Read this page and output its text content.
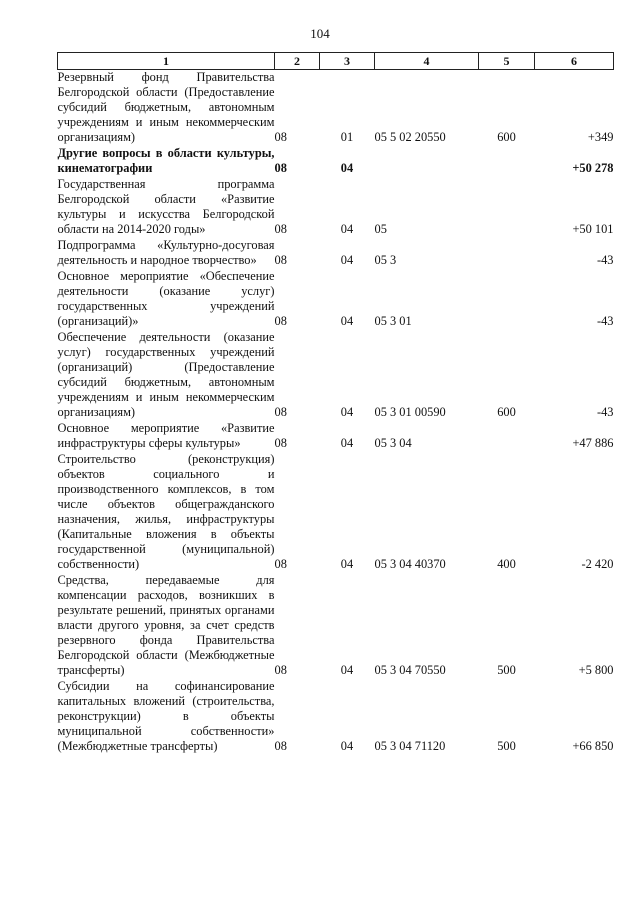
104
1	2	3	4	5	6
Резервный фонд Правительства Белгородской области (Предоставление субсидий бюджетным, автономным учреждениям и иным некоммерческим организациям)	08	01	05 5 02 20550	600	+349
Другие вопросы в области культуры, кинематографии	08	04			+50 278
Государственная программа Белгородской области «Развитие культуры и искусства Белгородской области на 2014-2020 годы»	08	04	05		+50 101
Подпрограмма «Культурно-досуговая деятельность и народное творчество»	08	04	05 3		-43
Основное мероприятие «Обеспечение деятельности (оказание услуг) государственных учреждений (организаций)»	08	04	05 3 01		-43
Обеспечение деятельности (оказание услуг) государственных учреждений (организаций) (Предоставление субсидий бюджетным, автономным учреждениям и иным некоммерческим организациям)	08	04	05 3 01 00590	600	-43
Основное мероприятие «Развитие инфраструктуры сферы культуры»	08	04	05 3 04		+47 886
Строительство (реконструкция) объектов социального и производственного комплексов, в том числе объектов общегражданского назначения, жилья, инфраструктуры (Капитальные вложения в объекты государственной (муниципальной) собственности)	08	04	05 3 04 40370	400	-2 420
Средства, передаваемые для компенсации расходов, возникших в результате решений, принятых органами власти другого уровня, за счет средств резервного фонда Правительства Белгородской области (Межбюджетные трансферты)	08	04	05 3 04 70550	500	+5 800
Субсидии на софинансирование капитальных вложений (строительства, реконструкции) в объекты муниципальной собственности» (Межбюджетные трансферты)	08	04	05 3 04 71120	500	+66 850
